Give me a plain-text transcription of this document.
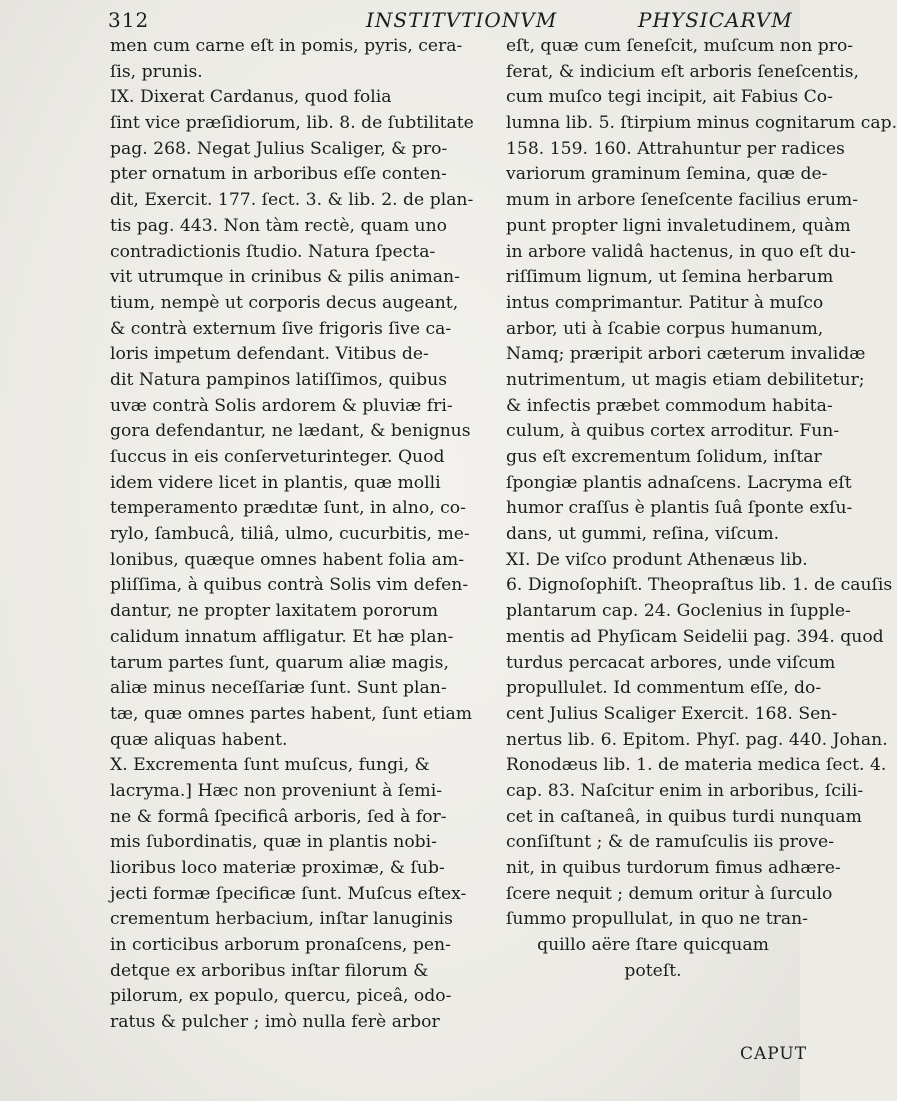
312	INSTITVTIONVM	PHYSICARVM
men cum carne eſt in pomis, pyris, cera-
ſis, prunis.
IX. Dixerat Cardanus, quod folia
ſint vice præſidiorum, lib. 8. de ſubtilitate
pag. 268. Negat Julius Scaliger, & pro-
pter ornatum in arboribus eſſe conten-
dit, Exercit. 177. ſect. 3. & lib. 2. de plan-
tis pag. 443. Non tàm rectè, quam uno
contradictionis ſtudio. Natura ſpecta-
vit utrumque in crinibus & pilis animan-
tium, nempè ut corporis decus augeant,
& contrà externum ſive frigoris ſive ca-
loris impetum defendant. Vitibus de-
dit Natura pampinos latiſſimos, quibus
uvæ contrà Solis ardorem & pluviæ fri-
gora defendantur, ne lædant, & benignus
ſuccus in eis conſerveturinteger. Quod
idem videre licet in plantis, quæ molli
temperamento prædıtæ ſunt, in alno, co-
rylo, ſambucâ, tiliâ, ulmo, cucurbitis, me-
lonibus, quæque omnes habent folia am-
pliſſima, à quibus contrà Solis vim defen-
dantur, ne propter laxitatem pororum
calidum innatum affligatur. Et hæ plan-
tarum partes ſunt, quarum aliæ magis,
aliæ minus neceſſariæ ſunt. Sunt plan-
tæ, quæ omnes partes habent, ſunt etiam
quæ aliquas habent.
X. Excrementa ſunt muſcus, fungi, &
lacryma.] Hæc non proveniunt à ſemi-
ne & formâ ſpecificâ arboris, ſed à for-
mis ſubordinatis, quæ in plantis nobi-
lioribus loco materiæ proximæ, & ſub-
jecti formæ ſpecificæ ſunt. Muſcus eſtex-
crementum herbacium, inſtar lanuginis
in corticibus arborum pronaſcens, pen-
detque ex arboribus inſtar filorum &
pilorum, ex populo, quercu, piceâ, odo-
ratus & pulcher ; imò nulla ferè arbor
eſt, quæ cum ſeneſcit, muſcum non pro-
ferat, & indicium eſt arboris ſeneſcentis,
cum muſco tegi incipit, ait Fabius Co-
lumna lib. 5. ſtirpium minus cognitarum cap.
158. 159. 160. Attrahuntur per radices
variorum graminum ſemina, quæ de-
mum in arbore ſeneſcente facilius erum-
punt propter ligni invaletudinem, quàm
in arbore validâ hactenus, in quo eſt du-
riſſimum lignum, ut ſemina herbarum
intus comprimantur. Patitur à muſco
arbor, uti à ſcabie corpus humanum,
Namq; præripit arbori cæterum invalidæ
nutrimentum, ut magis etiam debilitetur;
& infectis præbet commodum habita-
culum, à quibus cortex arroditur. Fun-
gus eſt excrementum ſolidum, inſtar
ſpongiæ plantis adnaſcens. Lacryma eſt
humor craſſus è plantis ſuâ ſponte exſu-
dans, ut gummi, reſina, viſcum.
XI. De viſco produnt Athenæus lib.
6. Dignoſophiſt. Theopraſtus lib. 1. de cauſis
plantarum cap. 24. Goclenius in ſupple-
mentis ad Phyſicam Seidelii pag. 394. quod
turdus percacat arbores, unde viſcum
propullulet. Id commentum eſſe, do-
cent Julius Scaliger Exercit. 168. Sen-
nertus lib. 6. Epitom. Phyſ. pag. 440. Johan.
Ronodæus lib. 1. de materia medica ſect. 4.
cap. 83. Naſcitur enim in arboribus, ſcili-
cet in caſtaneâ, in quibus turdi nunquam
conſiſtunt ; & de ramuſculis iis prove-
nit, in quibus turdorum fimus adhære-
ſcere nequit ; demum oritur à ſurculo
ſummo propullulat, in quo ne tran-
quillo aëre ſtare quicquam
poteſt.
CAPUT
